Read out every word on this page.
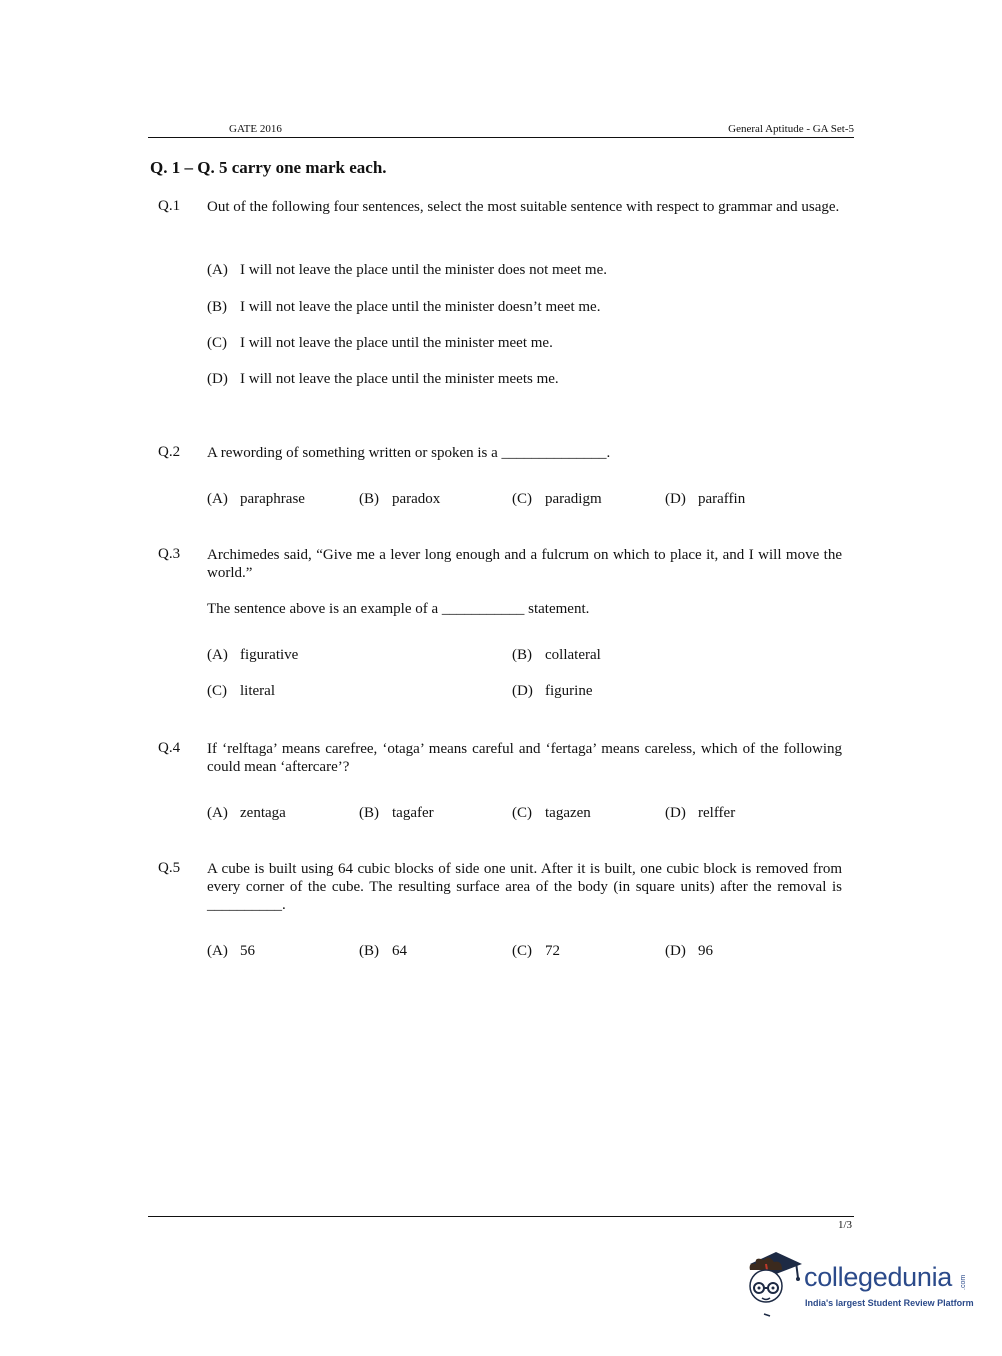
GATE 2016	General Aptitude - GA Set-5
Q. 1 – Q. 5 carry one mark each.
Q.1 Out of the following four sentences, select the most suitable sentence with respect to grammar and usage.
(A) I will not leave the place until the minister does not meet me.
(B) I will not leave the place until the minister doesn’t meet me.
(C) I will not leave the place until the minister meet me.
(D) I will not leave the place until the minister meets me.
Q.2 A rewording of something written or spoken is a ______________.
(A) paraphrase	(B) paradox	(C) paradigm	(D) paraffin
Q.3 Archimedes said, “Give me a lever long enough and a fulcrum on which to place it, and I will move the world.”
The sentence above is an example of a ___________ statement.
(A) figurative	(B) collateral
(C) literal	(D) figurine
Q.4 If ‘relftaga’ means carefree, ‘otaga’ means careful and ‘fertaga’ means careless, which of the following could mean ‘aftercare’?
(A) zentaga	(B) tagafer	(C) tagazen	(D) relffer
Q.5 A cube is built using 64 cubic blocks of side one unit. After it is built, one cubic block is removed from every corner of the cube. The resulting surface area of the body (in square units) after the removal is __________.
(A) 56	(B) 64	(C) 72	(D) 96
1/3
collegedunia .com
India's largest Student Review Platform
